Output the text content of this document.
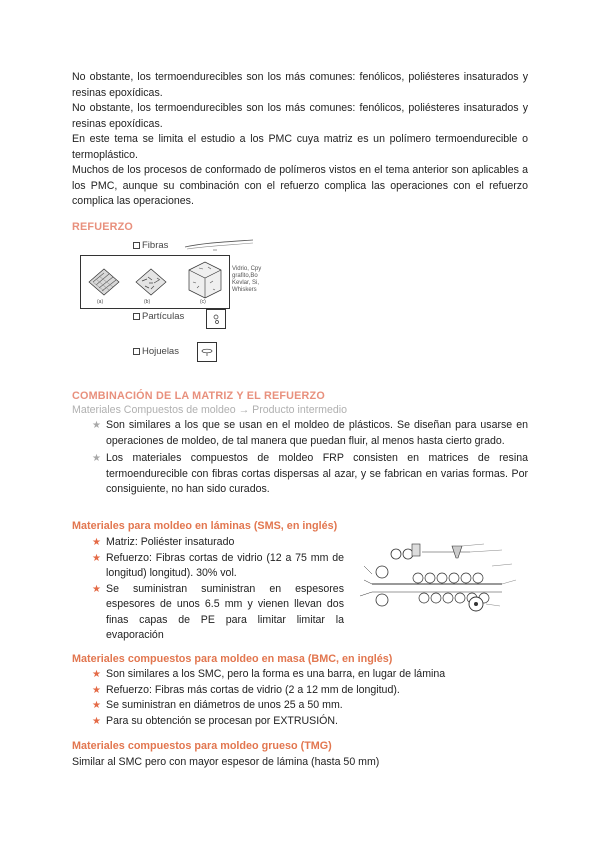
No obstante, los termoendurecibles son los más comunes: fenólicos, poliésteres insaturados y resinas epoxídicas.

No obstante, los termoendurecibles son los más comunes: fenólicos, poliésteres insaturados y resinas epoxídicas.

En este tema se limita el estudio a los PMC cuya matriz es un polímero termoendurecible o termoplástico.

Muchos de los procesos de conformado de polímeros vistos en el tema anterior son aplicables a los PMC, aunque su combinación con el refuerzo complica las operaciones con el refuerzo complica las operaciones.

REFUERZO
Fibras
(a)	(b)	(c)
Vidrio, Cpy grafito,Bo Kevlar, Si, Whiskers
Partículas
Hojuelas
COMBINACIÓN DE LA MATRIZ Y EL REFUERZO
Materiales Compuestos de moldeo → Producto intermedio
★ Son similares a los que se usan en el moldeo de plásticos. Se diseñan para usarse en operaciones de moldeo, de tal manera que puedan fluir, al menos hasta cierto grado.
★ Los materiales compuestos de moldeo FRP consisten en matrices de resina termoendurecible con fibras cortas dispersas al azar, y se fabrican en varias formas. Por consiguiente, no han sido curados.
Materiales para moldeo en láminas (SMS, en inglés)
★ Matriz: Poliéster insaturado
★ Refuerzo: Fibras cortas de vidrio (12 a 75 mm de longitud) longitud). 30% vol.
★ Se suministran suministran en espesores espesores de unos 6.5 mm y vienen llevan dos finas capas de PE para limitar limitar la evaporación
Materiales compuestos para moldeo en masa (BMC, en inglés)
★ Son similares a los SMC, pero la forma es una barra, en lugar de lámina
★ Refuerzo: Fibras más cortas de vidrio (2 a 12 mm de longitud).
★ Se suministran en diámetros de unos 25 a 50 mm.
★ Para su obtención se procesan por EXTRUSIÓN.
Materiales compuestos para moldeo grueso (TMG)
Similar al SMC pero con mayor espesor de lámina (hasta 50 mm)
